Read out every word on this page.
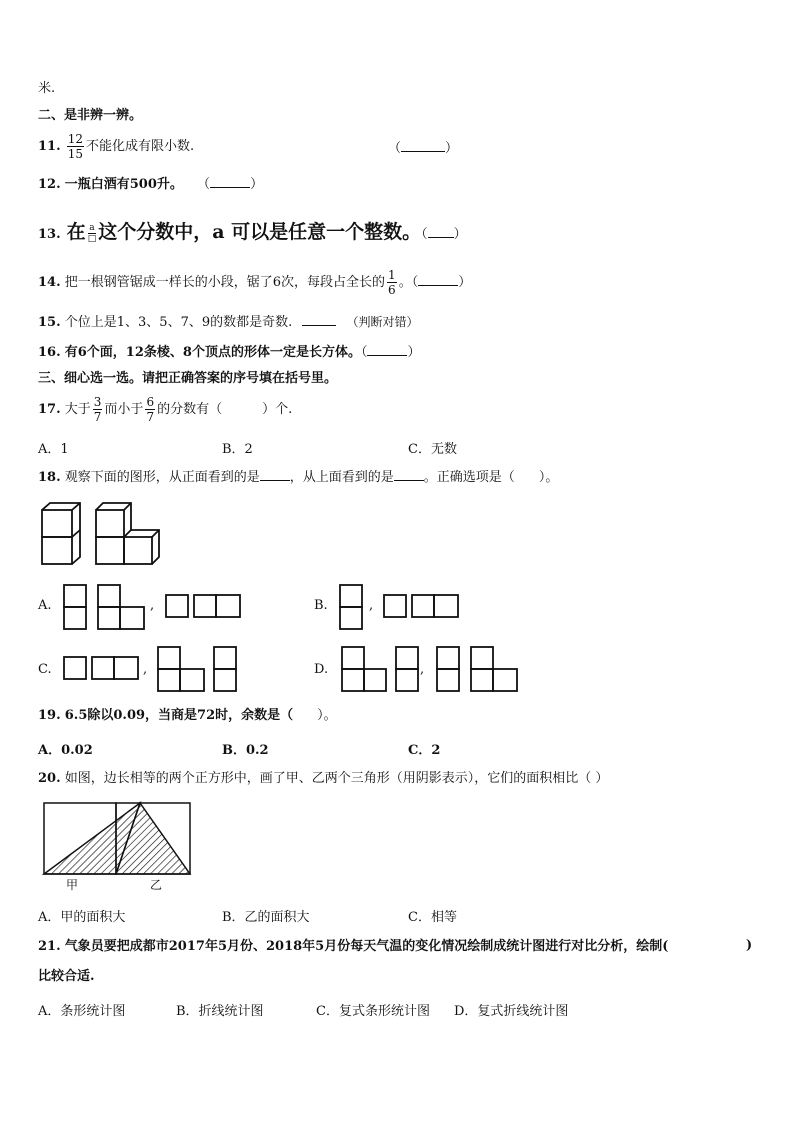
米.
二、是非辨一辨。
11. $\frac{12}{15}$ 不能化成有限小数.	（	）
12. 一瓶白酒有500升。 （	）
13. 在 $\frac{a}{□}$ 这个分数中，a 可以是任意一个整数。（ ）
14. 把一根钢管锯成一样长的小段，锯了6次，每段占全长的 $\frac{1}{6}$ 。（	）
15. 个位上是1、3、5、7、9的数都是奇数.	（判断对错）
16. 有6个面，12条棱、8个顶点的形体一定是长方体。（	）
三、细心选一选。请把正确答案的序号填在括号里。
17. 大于 $\frac{3}{7}$ 而小于 $\frac{6}{7}$ 的分数有（	）个.
A．1	B．2	C．无数
18. 观察下面的图形，从正面看到的是 ，从上面看到的是 。正确选项是（ ）。
A.	,	B.	,
C.	,	D.	,
19. 6.5除以0.09，当商是72时，余数是（ ）。
A．0.02	B．0.2	C．2
20. 如图，边长相等的两个正方形中，画了甲、乙两个三角形（用阴影表示），它们的面积相比（ ）
甲	乙
A．甲的面积大	B．乙的面积大	C．相等
21. 气象员要把成都市2017年5月份、2018年5月份每天气温的变化情况绘制成统计图进行对比分析，绘制(	)
比较合适.
A．条形统计图	B．折线统计图	C．复式条形统计图 D．复式折线统计图
